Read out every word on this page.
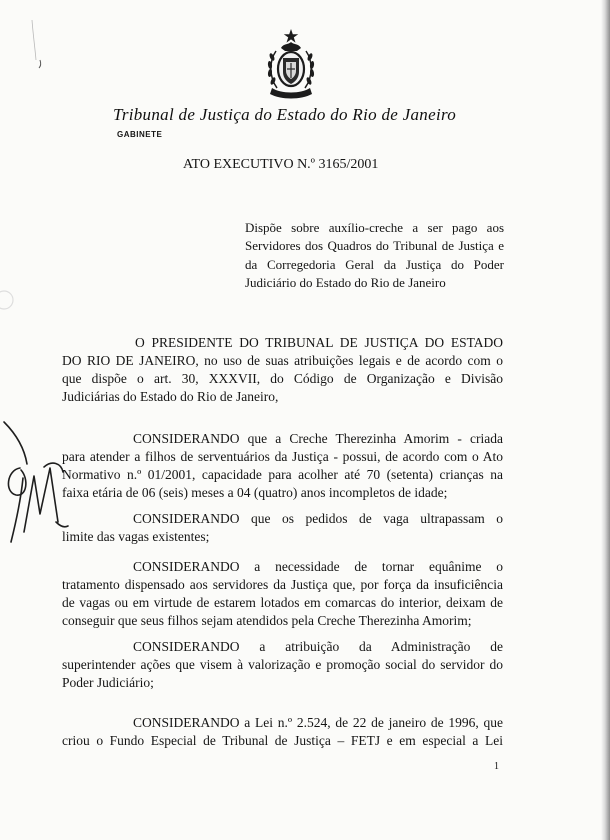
Tribunal de Justiça do Estado do Rio de Janeiro
GABINETE
ATO EXECUTIVO N.º 3165/2001
Dispõe sobre auxílio-creche a ser pago aos
Servidores dos Quadros do Tribunal de Justiça e
da Corregedoria Geral da Justiça do Poder
Judiciário do Estado do Rio de Janeiro
O PRESIDENTE DO TRIBUNAL DE JUSTIÇA DO ESTADO
DO RIO DE JANEIRO, no uso de suas atribuições legais e de acordo com o
que dispõe o art. 30, XXXVII, do Código de Organização e Divisão
Judiciárias do Estado do Rio de Janeiro,
CONSIDERANDO que a Creche Therezinha Amorim - criada
para atender a filhos de serventuários da Justiça - possui, de acordo com o Ato
Normativo n.º 01/2001, capacidade para acolher até 70 (setenta) crianças na
faixa etária de 06 (seis) meses a 04 (quatro) anos incompletos de idade;
CONSIDERANDO que os pedidos de vaga ultrapassam o
limite das vagas existentes;
CONSIDERANDO a necessidade de tornar equânime o
tratamento dispensado aos servidores da Justiça que, por força da insuficiência
de vagas ou em virtude de estarem lotados em comarcas do interior, deixam de
conseguir que seus filhos sejam atendidos pela Creche Therezinha Amorim;
CONSIDERANDO a atribuição da Administração de
superintender ações que visem à valorização e promoção social do servidor do
Poder Judiciário;
CONSIDERANDO a Lei n.º 2.524, de 22 de janeiro de 1996, que
criou o Fundo Especial de Tribunal de Justiça – FETJ e em especial a Lei
1
